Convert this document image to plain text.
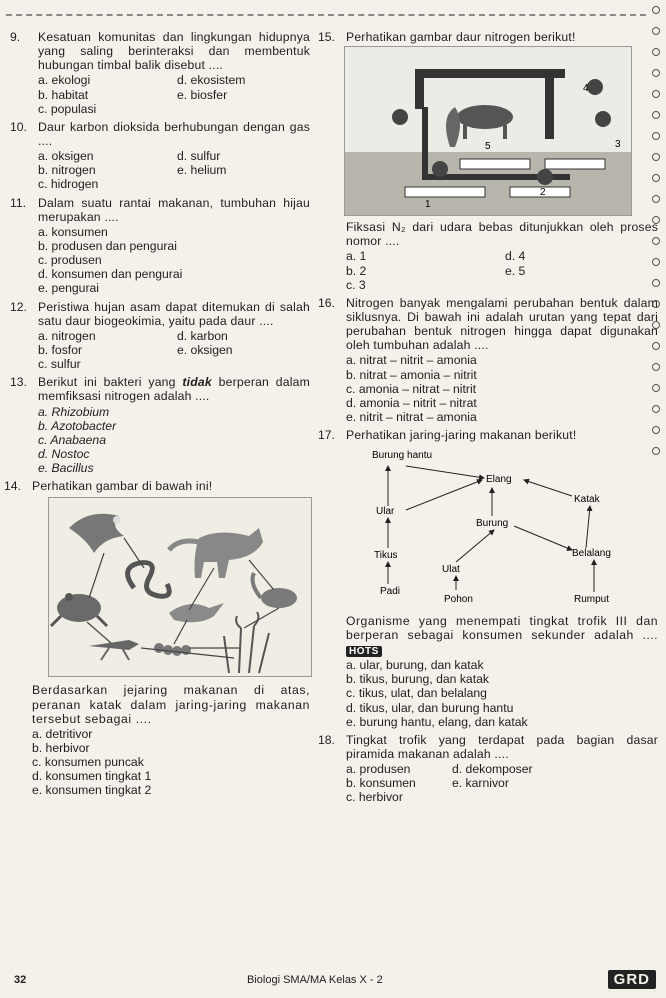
9.	Kesatuan komunitas dan lingkungan hidupnya yang saling berinteraksi dan membentuk hubungan timbal balik disebut ....
a. ekologi	d. ekosistem
b. habitat	e. biosfer
c. populasi
10. Daur karbon dioksida berhubungan dengan gas ....
a. oksigen	d. sulfur
b. nitrogen	e. helium
c. hidrogen
11. Dalam suatu rantai makanan, tumbuhan hijau merupakan ....
a. konsumen
b. produsen dan pengurai
c. produsen
d. konsumen dan pengurai
e. pengurai
12. Peristiwa hujan asam dapat ditemukan di salah satu daur biogeokimia, yaitu pada daur ....
a. nitrogen	d. karbon
b. fosfor	e. oksigen
c. sulfur
13. Berikut ini bakteri yang tidak berperan dalam memfiksasi nitrogen adalah ....
a. Rhizobium
b. Azotobacter
c. Anabaena
d. Nostoc
e. Bacillus
14. Perhatikan gambar di bawah ini!
Berdasarkan jejaring makanan di atas, peranan katak dalam jaring-jaring makanan tersebut sebagai ....
a. detritivor
b. herbivor
c. konsumen puncak
d. konsumen tingkat 1
e. konsumen tingkat 2
15. Perhatikan gambar daur nitrogen berikut!
1
2
3
4
5
Fiksasi N₂ dari udara bebas ditunjukkan oleh proses nomor ....
a. 1	d. 4
b. 2	e. 5
c. 3
16. Nitrogen banyak mengalami perubahan bentuk dalam siklusnya. Di bawah ini adalah urutan yang tepat dari perubahan bentuk nitrogen hingga dapat digunakan oleh tumbuhan adalah ....
a. nitrat – nitrit – amonia
b. nitrat – amonia – nitrit
c. amonia – nitrat – nitrit
d. amonia – nitrit – nitrat
e. nitrit – nitrat – amonia
17. Perhatikan jaring-jaring makanan berikut!
Burung hantu
Elang
Katak
Ular
Burung
Tikus	Belalang
Ulat
Padi
Pohon	Rumput
Organisme yang menempati tingkat trofik III dan berperan sebagai konsumen sekunder adalah .... HOTS
a. ular, burung, dan katak
b. tikus, burung, dan katak
c. tikus, ulat, dan belalang
d. tikus, ular, dan burung hantu
e. burung hantu, elang, dan katak
18. Tingkat trofik yang terdapat pada bagian dasar piramida makanan adalah ....
a. produsen	d. dekomposer
b. konsumen	e. karnivor
c. herbivor
32	Biologi SMA/MA Kelas X - 2	GRD
